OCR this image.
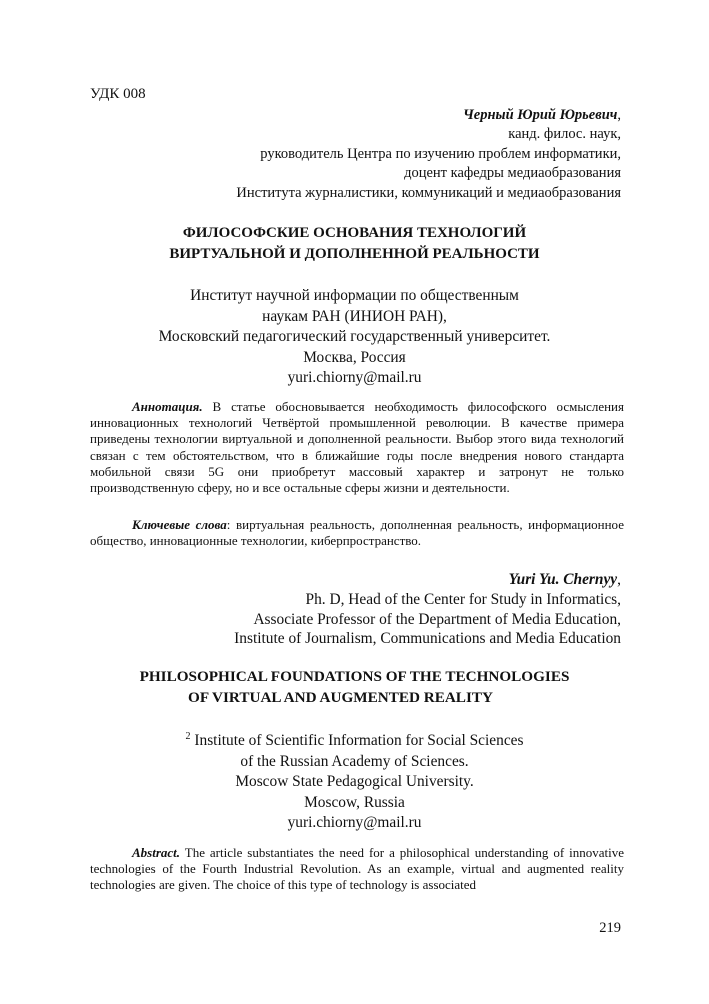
УДК 008
Черный Юрий Юрьевич,
канд. филос. наук,
руководитель Центра по изучению проблем информатики,
доцент кафедры медиаобразования
Института журналистики, коммуникаций и медиаобразования
ФИЛОСОФСКИЕ ОСНОВАНИЯ ТЕХНОЛОГИЙ
ВИРТУАЛЬНОЙ И ДОПОЛНЕННОЙ РЕАЛЬНОСТИ
Институт научной информации по общественным
наукам РАН (ИНИОН РАН),
Московский педагогический государственный университет.
Москва, Россия
yuri.chiorny@mail.ru
Аннотация. В статье обосновывается необходимость философского осмысления инновационных технологий Четвёртой промышленной революции. В качестве примера приведены технологии виртуальной и дополненной реальности. Выбор этого вида технологий связан с тем обстоятельством, что в ближайшие годы после внедрения нового стандарта мобильной связи 5G они приобретут массовый характер и затронут не только производственную сферу, но и все остальные сферы жизни и деятельности.
Ключевые слова: виртуальная реальность, дополненная реальность, информационное общество, инновационные технологии, киберпространство.
Yuri Yu. Chernyy,
Ph. D, Head of the Center for Study in Informatics,
Associate Professor of the Department of Media Education,
Institute of Journalism, Communications and Media Education
PHILOSOPHICAL FOUNDATIONS OF THE TECHNOLOGIES
OF VIRTUAL AND AUGMENTED REALITY
$^2$ Institute of Scientific Information for Social Sciences
of the Russian Academy of Sciences.
Moscow State Pedagogical University.
Moscow, Russia
yuri.chiorny@mail.ru
Abstract. The article substantiates the need for a philosophical understanding of innovative technologies of the Fourth Industrial Revolution. As an example, virtual and augmented reality technologies are given. The choice of this type of technology is associated
219
